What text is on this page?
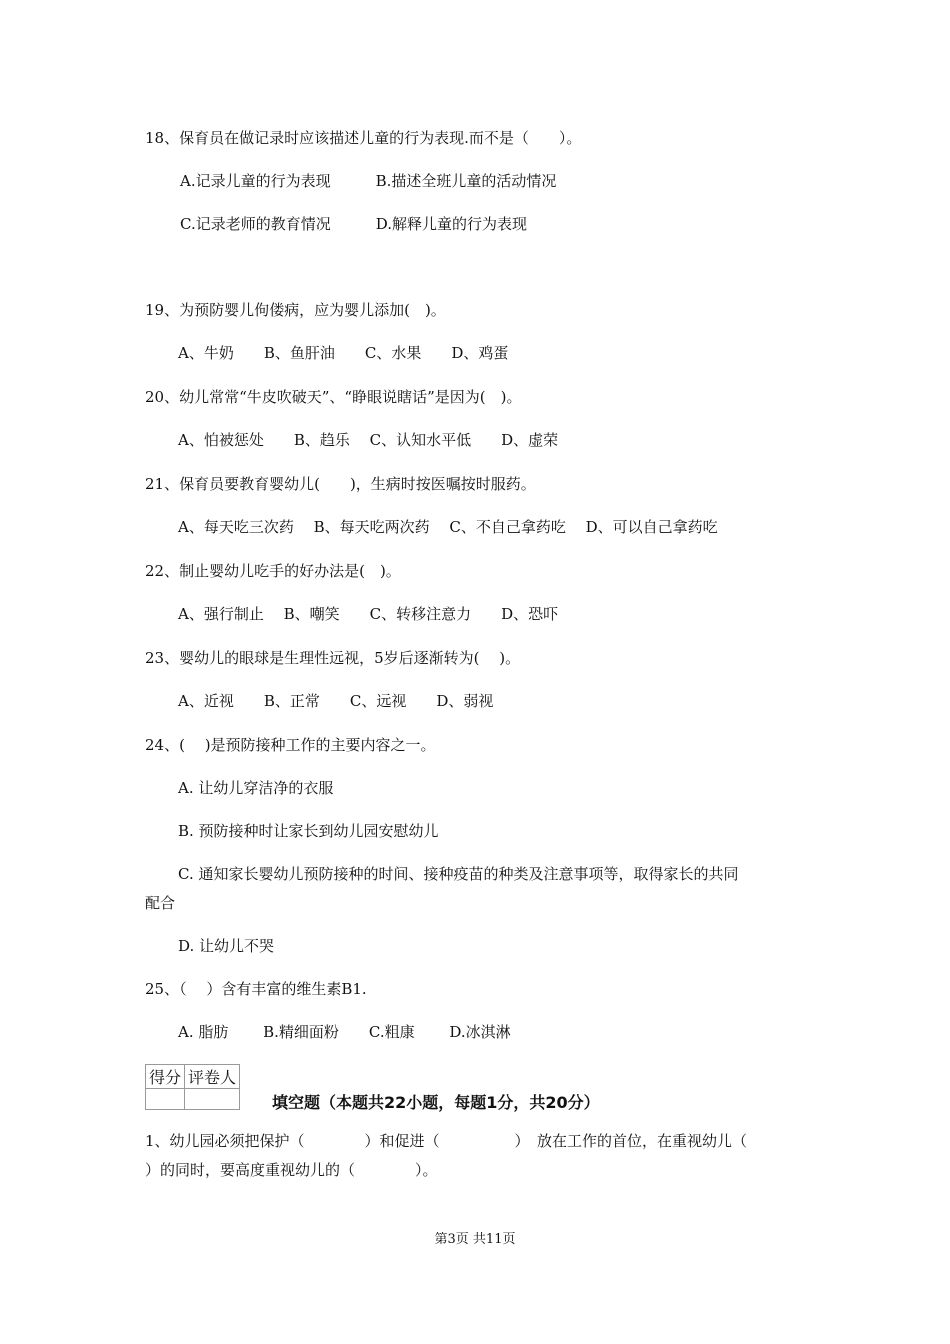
18、保育员在做记录时应该描述儿童的行为表现.而不是（　　）。
A.记录儿童的行为表现　　　B.描述全班儿童的活动情况
C.记录老师的教育情况　　　D.解释儿童的行为表现
19、为预防婴儿佝偻病，应为婴儿添加(　)。
A、牛奶　　B、鱼肝油　　C、水果　　D、鸡蛋
20、幼儿常常“牛皮吹破天”、“睁眼说瞎话”是因为(　)。
A、怕被惩处　　B、趋乐　 C、认知水平低　　D、虚荣
21、保育员要教育婴幼儿(　　)，生病时按医嘱按时服药。
A、每天吃三次药　 B、每天吃两次药　 C、不自己拿药吃　 D、可以自己拿药吃
22、制止婴幼儿吃手的好办法是(　)。
A、强行制止　 B、嘲笑　　C、转移注意力　　D、恐吓
23、婴幼儿的眼球是生理性远视，5岁后逐渐转为(　 )。
A、近视　　B、正常　　C、远视　　D、弱视
24、(　 )是预防接种工作的主要内容之一。
A. 让幼儿穿洁净的衣服
B. 预防接种时让家长到幼儿园安慰幼儿
C. 通知家长婴幼儿预防接种的时间、接种疫苗的种类及注意事项等，取得家长的共同
配合
D. 让幼儿不哭
25、（　 ）含有丰富的维生素B1.
A. 脂肪　　 B.精细面粉　　C.粗康　　 D.冰淇淋
得分	评卷人

填空题（本题共22小题，每题1分，共20分）
1、幼儿园必须把保护（　　　　）和促进（　　　　　）　放在工作的首位，在重视幼儿（
）的同时，要高度重视幼儿的（　　　　）。
第3页 共11页
